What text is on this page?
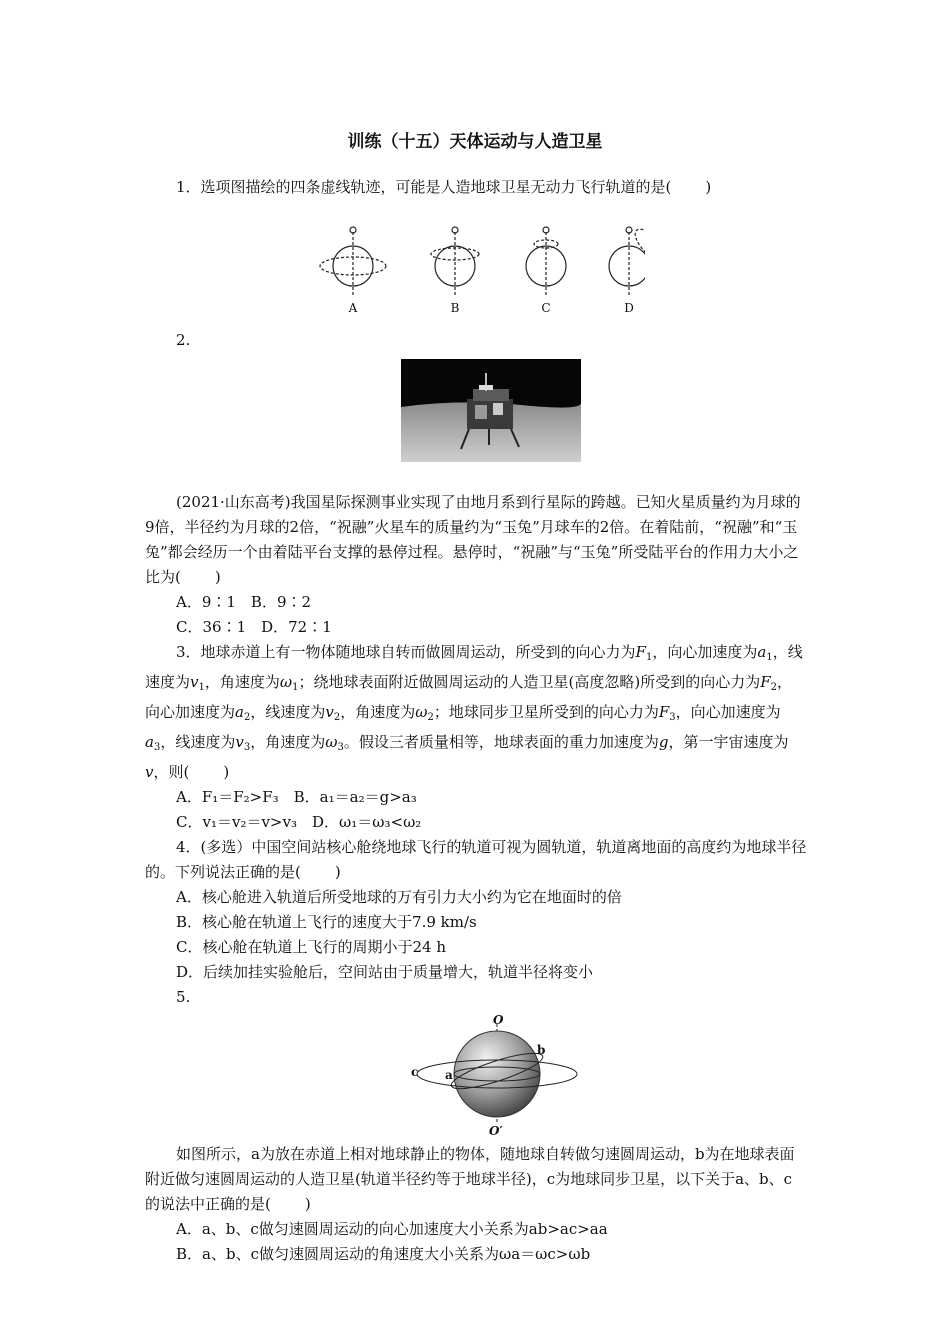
训练（十五）天体运动与人造卫星

1．选项图描绘的四条虚线轨迹，可能是人造地球卫星无动力飞行轨道的是( )

A	B	C	D

2.

(2021·山东高考)我国星际探测事业实现了由地月系到行星际的跨越。已知火星质量约为月球的9倍，半径约为月球的2倍，“祝融”火星车的质量约为“玉兔”月球车的2倍。在着陆前，“祝融”和“玉兔”都会经历一个由着陆平台支撑的悬停过程。悬停时，“祝融”与“玉兔”所受陆平台的作用力大小之比为( )

A．9∶1　B．9∶2

C．36∶1　D．72∶1

3．地球赤道上有一物体随地球自转而做圆周运动，所受到的向心力为$F_1$，向心加速度为$a_1$，线速度为$v_1$，角速度为$\omega_1$；绕地球表面附近做圆周运动的人造卫星(高度忽略)所受到的向心力为$F_2$，向心加速度为$a_2$，线速度为$v_2$，角速度为$\omega_2$；地球同步卫星所受到的向心力为$F_3$，向心加速度为$a_3$，线速度为$v_3$，角速度为$\omega_3$。假设三者质量相等，地球表面的重力加速度为g，第一宇宙速度为v，则( )

A．F₁＝F₂>F₃　B．a₁＝a₂＝g>a₃

C．v₁＝v₂＝v>v₃　D．ω₁＝ω₃<ω₂

4．(多选）中国空间站核心舱绕地球飞行的轨道可视为圆轨道，轨道离地面的高度约为地球半径的。下列说法正确的是( )

A．核心舱进入轨道后所受地球的万有引力大小约为它在地面时的倍

B．核心舱在轨道上飞行的速度大于7.9 km/s

C．核心舱在轨道上飞行的周期小于24 h

D．后续加挂实验舱后，空间站由于质量增大，轨道半径将变小

5.

O
O′
a
b
c

如图所示，a为放在赤道上相对地球静止的物体，随地球自转做匀速圆周运动，b为在地球表面附近做匀速圆周运动的人造卫星(轨道半径约等于地球半径)，c为地球同步卫星，以下关于a、b、c的说法中正确的是( )

A．a、b、c做匀速圆周运动的向心加速度大小关系为ab>ac>aa

B．a、b、c做匀速圆周运动的角速度大小关系为ωa＝ωc>ωb
